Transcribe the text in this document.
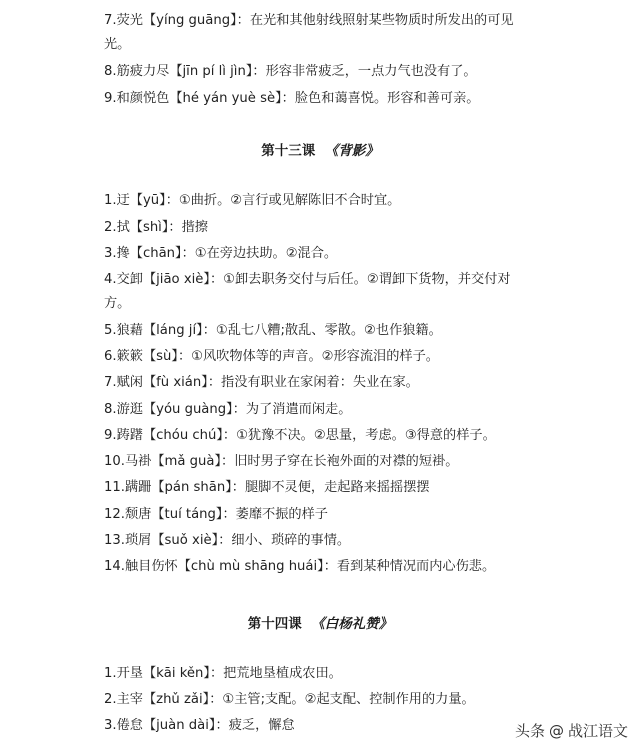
7.荧光【yíng guāng】：在光和其他射线照射某些物质时所发出的可见
光。
8.筋疲力尽【jīn pí lì jìn】：形容非常疲乏，一点力气也没有了。
9.和颜悦色【hé yán yuè sè】：脸色和蔼喜悦。形容和善可亲。
第十三课 《背影》
1.迂【yū】：①曲折。②言行或见解陈旧不合时宜。
2.拭【shì】：揩擦
3.搀【chān】：①在旁边扶助。②混合。
4.交卸【jiāo xiè】：①卸去职务交付与后任。②谓卸下货物，并交付对
方。
5.狼藉【láng jí】：①乱七八糟;散乱、零散。②也作狼籍。
6.簌簌【sù】：①风吹物体等的声音。②形容流泪的样子。
7.赋闲【fù xián】：指没有职业在家闲着：失业在家。
8.游逛【yóu guàng】：为了消遣而闲走。
9.踌躇【chóu chú】：①犹豫不决。②思量，考虑。③得意的样子。
10.马褂【mǎ guà】：旧时男子穿在长袍外面的对襟的短褂。
11.蹒跚【pán shān】：腿脚不灵便，走起路来摇摇摆摆
12.颓唐【tuí táng】：萎靡不振的样子
13.琐屑【suǒ xiè】：细小、琐碎的事情。
14.触目伤怀【chù mù shāng huái】：看到某种情况而内心伤悲。
第十四课 《白杨礼赞》
1.开垦【kāi kěn】：把荒地垦植成农田。
2.主宰【zhǔ zǎi】：①主管;支配。②起支配、控制作用的力量。
3.倦怠【juàn dài】：疲乏，懈怠	头条 @ 战江语文
